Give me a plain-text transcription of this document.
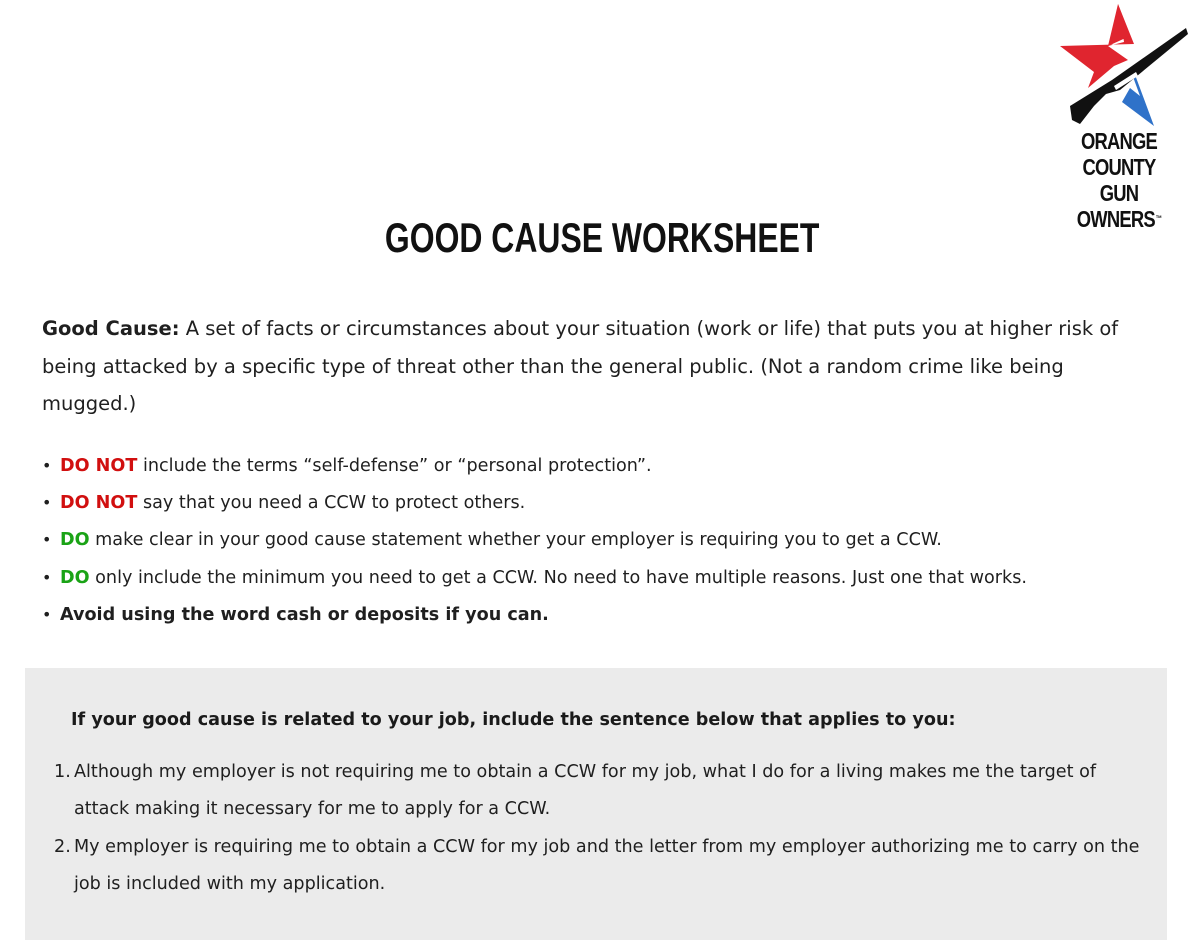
ORANGE COUNTY
GUN OWNERS™
GOOD CAUSE WORKSHEET

Good Cause: A set of facts or circumstances about your situation (work or life) that puts you at higher risk of being attacked by a specific type of threat other than the general public. (Not a random crime like being mugged.)

• DO NOT include the terms “self-defense” or “personal protection”.
• DO NOT say that you need a CCW to protect others.
• DO make clear in your good cause statement whether your employer is requiring you to get a CCW.
• DO only include the minimum you need to get a CCW. No need to have multiple reasons. Just one that works.
• Avoid using the word cash or deposits if you can.

If your good cause is related to your job, include the sentence below that applies to you:

1. Although my employer is not requiring me to obtain a CCW for my job, what I do for a living makes me the target of attack making it necessary for me to apply for a CCW.
2. My employer is requiring me to obtain a CCW for my job and the letter from my employer authorizing me to carry on the job is included with my application.
